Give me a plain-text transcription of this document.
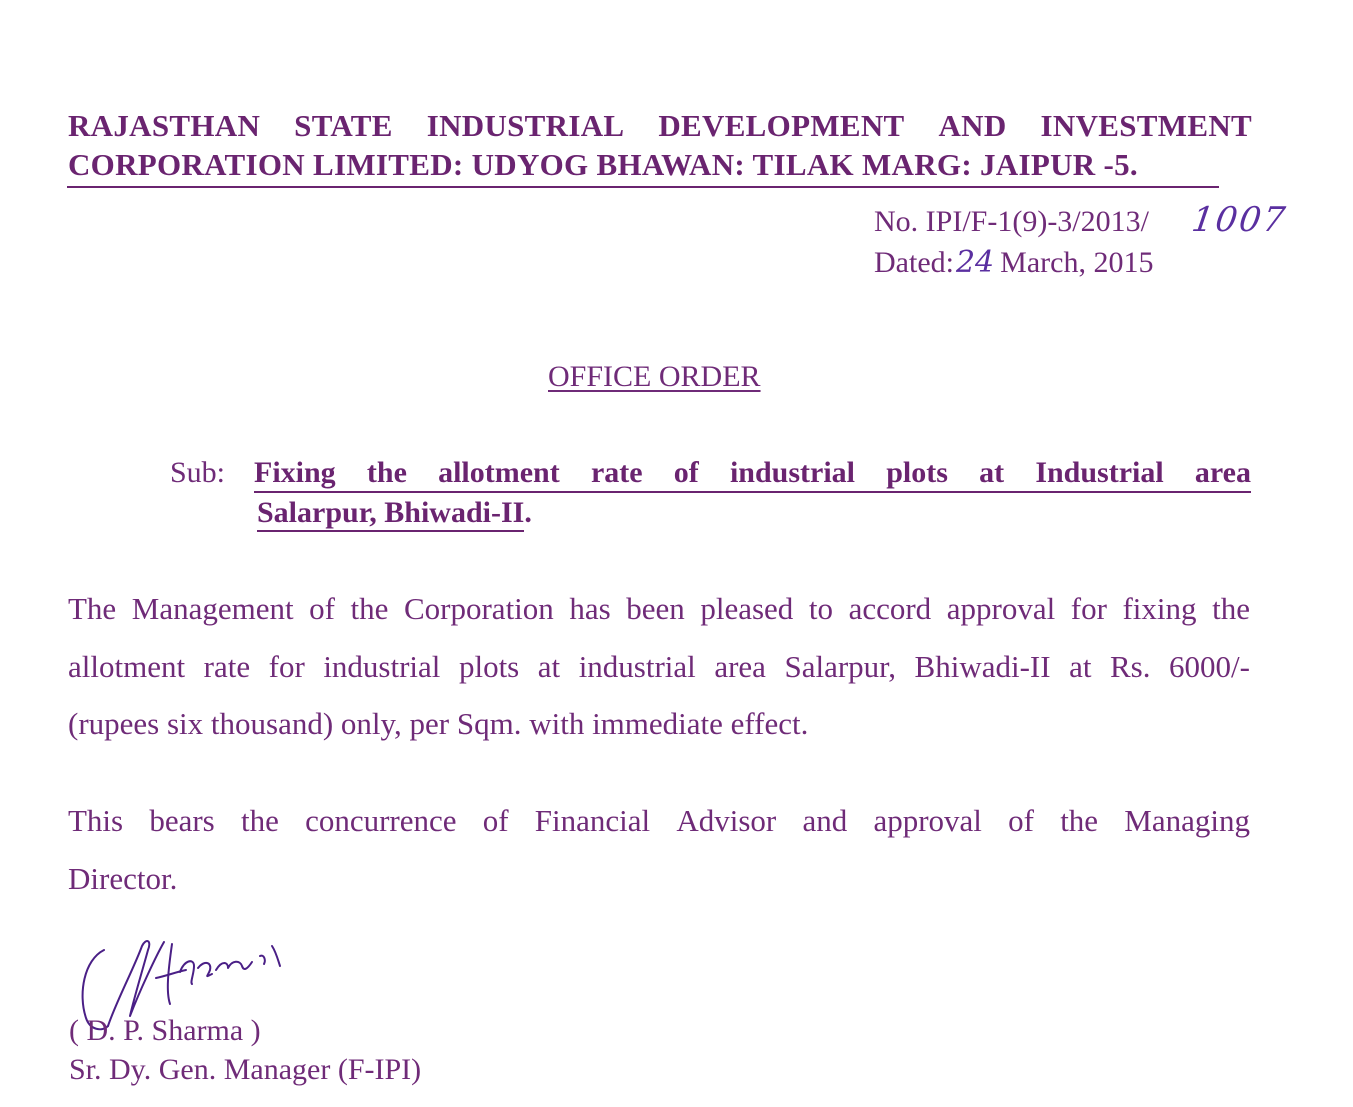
RAJASTHAN STATE INDUSTRIAL DEVELOPMENT AND INVESTMENT
CORPORATION LIMITED: UDYOG BHAWAN: TILAK MARG: JAIPUR -5.
No. IPI/F-1(9)-3/2013/ 1007
Dated:24 March, 2015
OFFICE ORDER
Sub: Fixing the allotment rate of industrial plots at Industrial area
Salarpur, Bhiwadi-II.
The Management of the Corporation has been pleased to accord approval for fixing the
allotment rate for industrial plots at industrial area Salarpur, Bhiwadi-II at Rs. 6000/-
(rupees six thousand) only, per Sqm. with immediate effect.
This bears the concurrence of Financial Advisor and approval of the Managing
Director.
( D. P. Sharma )
Sr. Dy. Gen. Manager (F-IPI)
